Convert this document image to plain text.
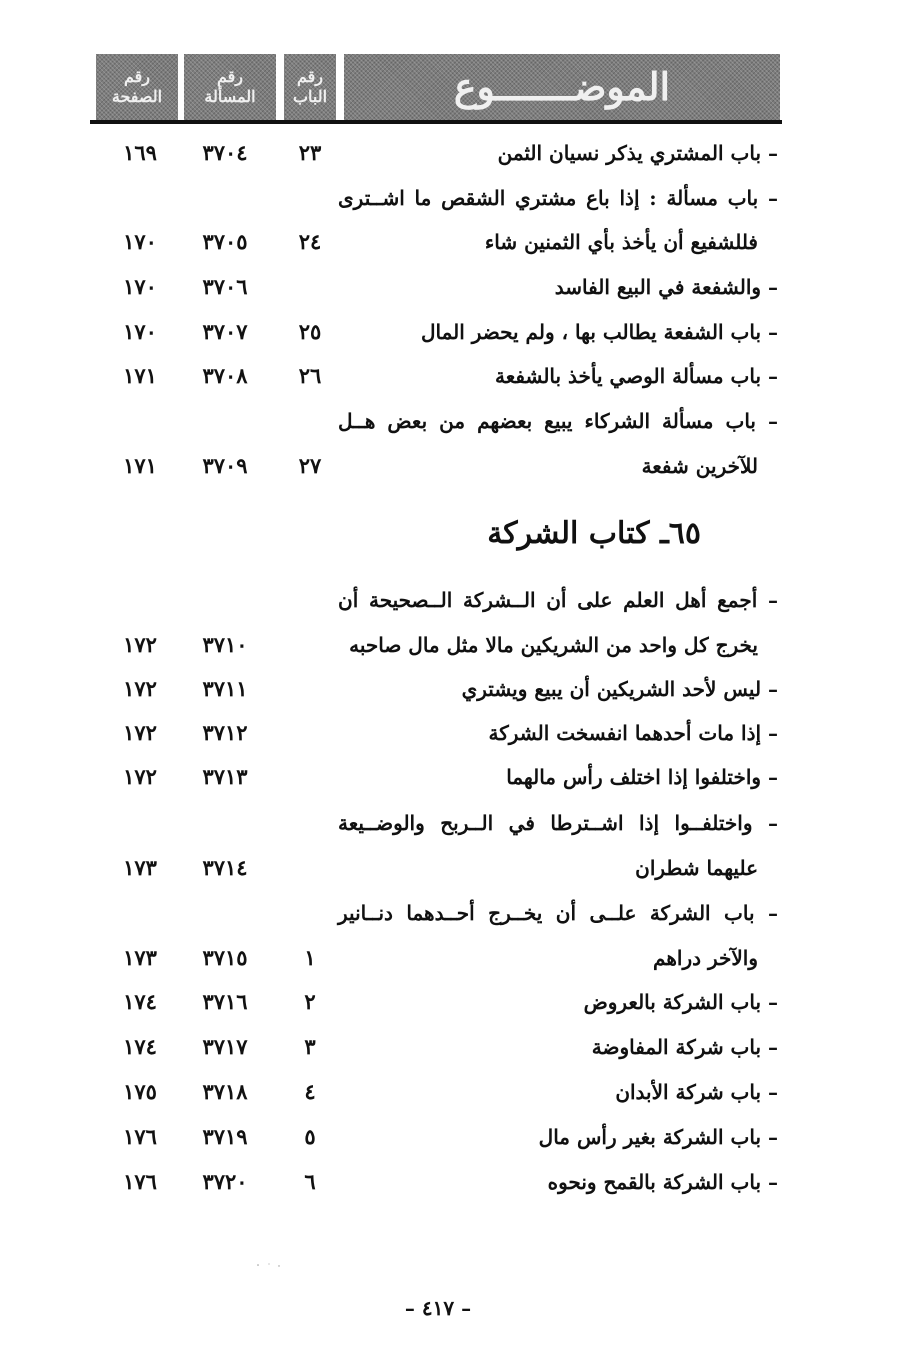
رقم
الصفحة
رقم
المسألة
رقم
الباب	الموضـــــــوع
– باب المشتري يذكر نسيان الثمن
٢٣
٣٧٠٤
١٦٩
– باب مسألة : إذا باع مشتري الشقص ما اشــترى
فللشفيع أن يأخذ بأي الثمنين شاء
٢٤
٣٧٠٥
١٧٠
– والشفعة في البيع الفاسد
٣٧٠٦
١٧٠
– باب الشفعة يطالب بها ، ولم يحضر المال
٢٥
٣٧٠٧
١٧٠
– باب مسألة الوصي يأخذ بالشفعة
٢٦
٣٧٠٨
١٧١
– باب مسألة الشركاء يبيع بعضهم من بعض هــل
للآخرين شفعة
٢٧
٣٧٠٩
١٧١
٦٥ـ كتاب الشركة
– أجمع أهل العلم على أن الــشركة الــصحيحة أن
يخرج كل واحد من الشريكين مالا مثل مال صاحبه
٣٧١٠
١٧٢
– ليس لأحد الشريكين أن يبيع ويشتري
٣٧١١
١٧٢
– إذا مات أحدهما انفسخت الشركة
٣٧١٢
١٧٢
– واختلفوا إذا اختلف رأس مالهما
٣٧١٣
١٧٢
– واختلفــوا إذا اشــترطا في الــربح والوضــيعة
عليهما شطران
٣٧١٤
١٧٣
– باب الشركة علــى أن يخــرج أحــدهما دنــانير
والآخر دراهم
١
٣٧١٥
١٧٣
– باب الشركة بالعروض
٢
٣٧١٦
١٧٤
– باب شركة المفاوضة
٣
٣٧١٧
١٧٤
– باب شركة الأبدان
٤
٣٧١٨
١٧٥
– باب الشركة بغير رأس مال
٥
٣٧١٩
١٧٦
– باب الشركة بالقمح ونحوه
٦
٣٧٢٠
١٧٦
– ٤١٧ –
